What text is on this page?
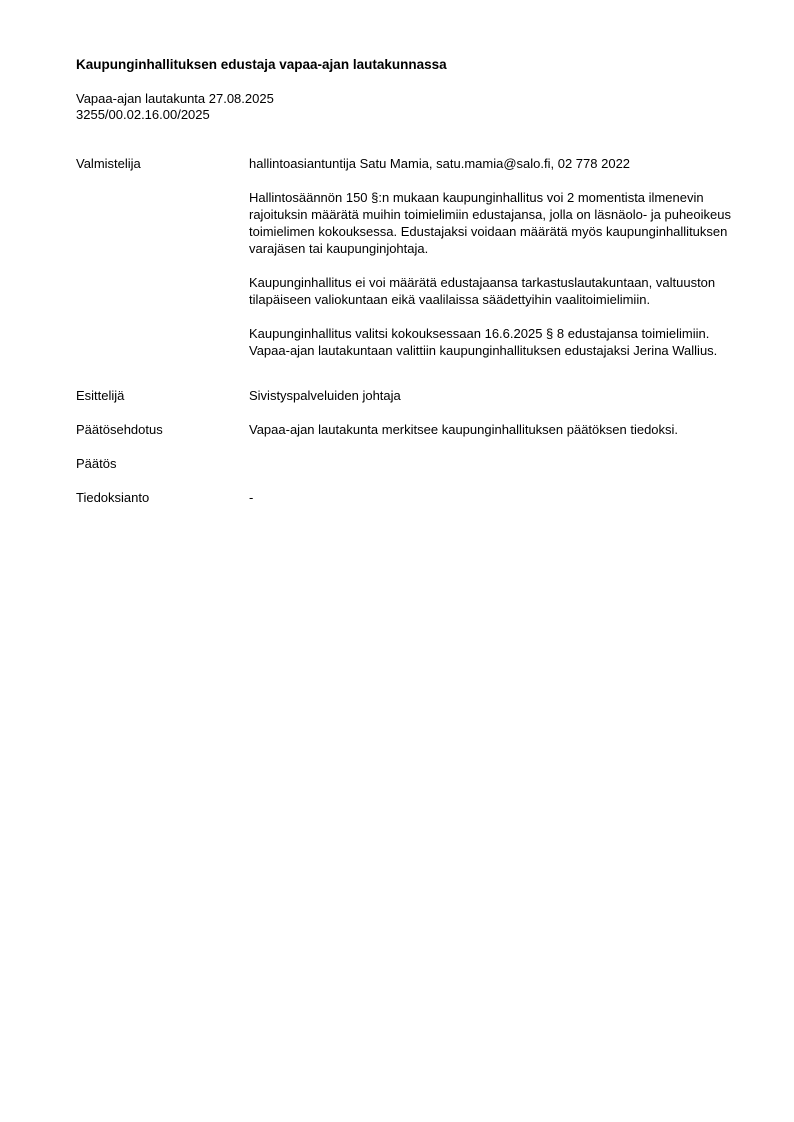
Kaupunginhallituksen edustaja vapaa-ajan lautakunnassa
Vapaa-ajan lautakunta 27.08.2025
3255/00.02.16.00/2025
Valmistelija	hallintoasiantuntija Satu Mamia, satu.mamia@salo.fi, 02 778 2022

Hallintosäännön 150 §:n mukaan kaupunginhallitus voi 2 momentista ilmenevin rajoituksin määrätä muihin toimielimiin edustajansa, jolla on läsnäolo- ja puheoikeus toimielimen kokouksessa. Edustajaksi voidaan määrätä myös kaupunginhallituksen varajäsen tai kaupunginjohtaja.

Kaupunginhallitus ei voi määrätä edustajaansa tarkastuslautakuntaan, valtuuston tilapäiseen valiokuntaan eikä vaalilaissa säädettyihin vaalitoimielimiin.

Kaupunginhallitus valitsi kokouksessaan 16.6.2025 § 8 edustajansa toimielimiin. Vapaa-ajan lautakuntaan valittiin kaupunginhallituksen edustajaksi Jerina Wallius.

Esittelijä	Sivistyspalveluiden johtaja
Päätösehdotus	Vapaa-ajan lautakunta merkitsee kaupunginhallituksen päätöksen tiedoksi.
Päätös
Tiedoksianto	-
